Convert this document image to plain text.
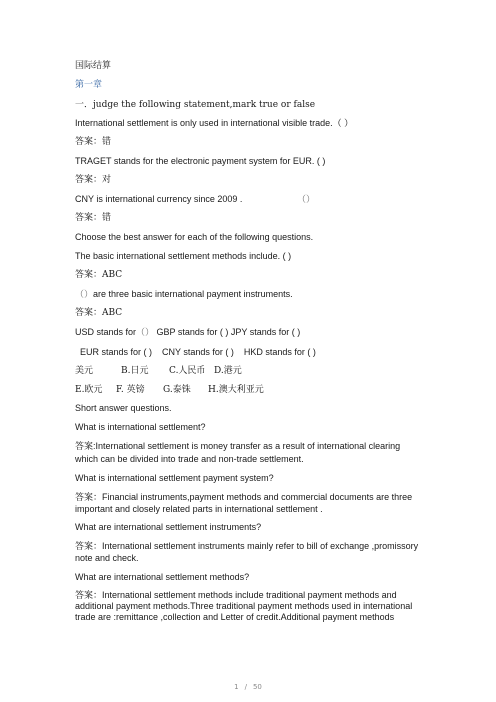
国际结算
第一章
一．judge the following statement,mark true or false
International settlement is only used in international visible trade.（ ）
答案：错
TRAGET stands for the electronic payment system for EUR. ( )
答案：对
CNY is international currency since 2009 .	（）
答案：错
Choose the best answer for each of the following questions.
The basic international settlement methods include. ( )
答案：ABC
（）are three basic international payment instruments.
答案：ABC
USD stands for（） GBP stands for ( ) JPY stands for ( )
EUR stands for ( )    CNY stands for ( )    HKD stands for ( )
美元	B.日元 C.人民币 D.港元
E.欧元 F. 英镑 G.泰铢 H.澳大利亚元
Short answer questions.
What is international settlement?
答案:International settlement is money transfer as a result of international clearing which can be divided into trade and non-trade settlement.
What is international settlement payment system?
答案：Financial instruments,payment methods and commercial documents are three important and closely related parts in international settlement .
What are international settlement instruments?
答案：International settlement instruments mainly refer to bill of exchange ,promissory note and check.
What are international settlement methods?
答案：International settlement methods include traditional payment methods and additional payment methods.Three traditional payment methods used in international trade are :remittance ,collection and Letter of credit.Additional payment methods
1 / 50
